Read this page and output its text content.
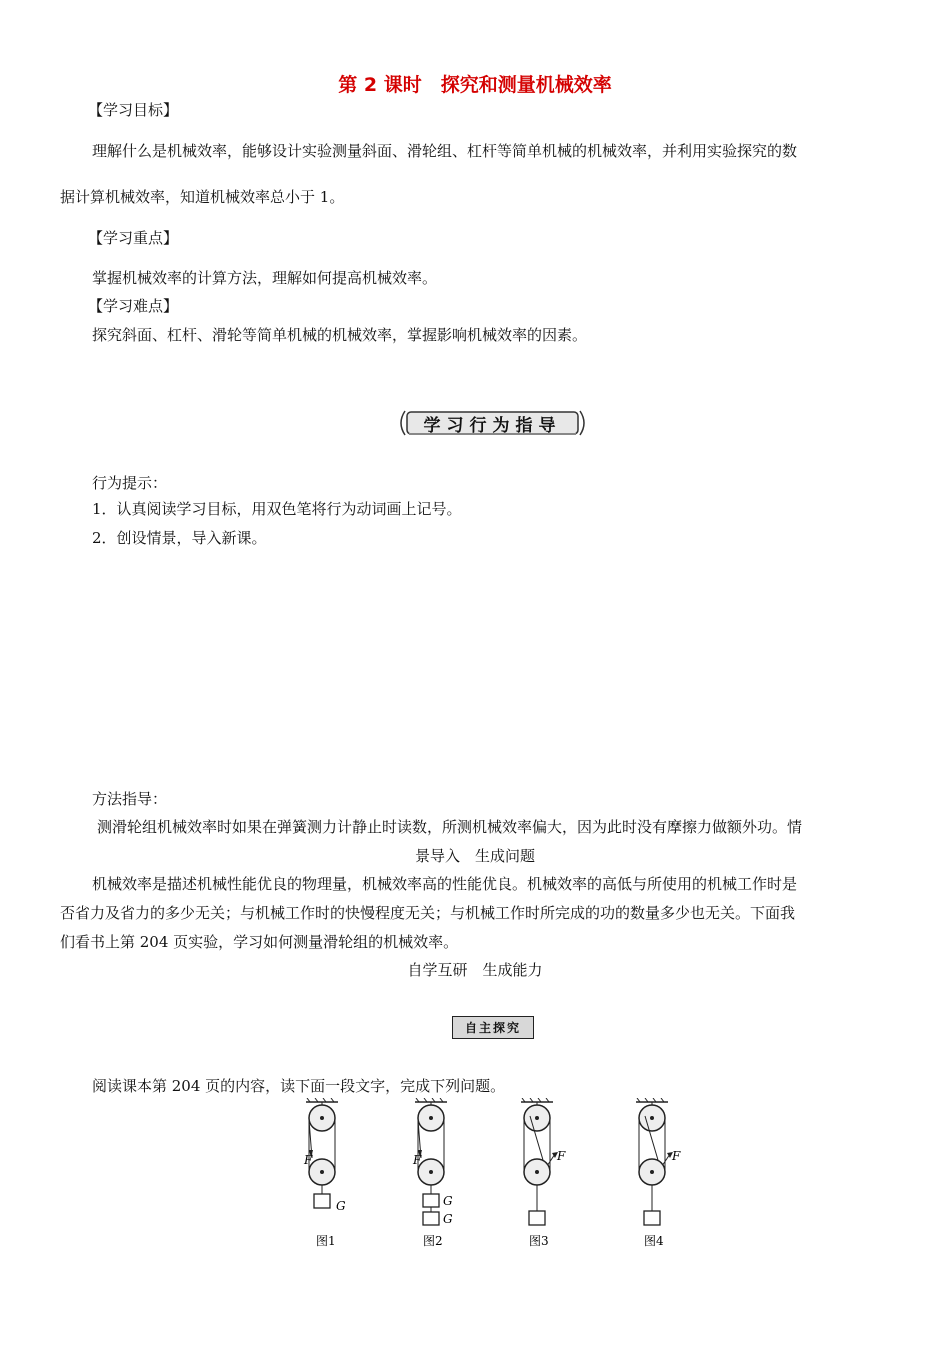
第 2 课时　探究和测量机械效率
【学习目标】
理解什么是机械效率，能够设计实验测量斜面、滑轮组、杠杆等简单机械的机械效率，并利用实验探究的数
据计算机械效率，知道机械效率总小于 1。
【学习重点】
掌握机械效率的计算方法，理解如何提高机械效率。
【学习难点】
探究斜面、杠杆、滑轮等简单机械的机械效率，掌握影响机械效率的因素。
学习行为指导
行为提示：
1．认真阅读学习目标，用双色笔将行为动词画上记号。
2．创设情景，导入新课。
方法指导：
测滑轮组机械效率时如果在弹簧测力计静止时读数，所测机械效率偏大，因为此时没有摩擦力做额外功。情
景导入　生成问题
机械效率是描述机械性能优良的物理量，机械效率高的性能优良。机械效率的高低与所使用的机械工作时是
否省力及省力的多少无关；与机械工作时的快慢程度无关；与机械工作时所完成的功的数量多少也无关。下面我
们看书上第 204 页实验，学习如何测量滑轮组的机械效率。
自学互研　生成能力
自主探究
阅读课本第 204 页的内容，读下面一段文字，完成下列问题。
F
G
图1
F
G
G
图2
F
图3
F
图4
